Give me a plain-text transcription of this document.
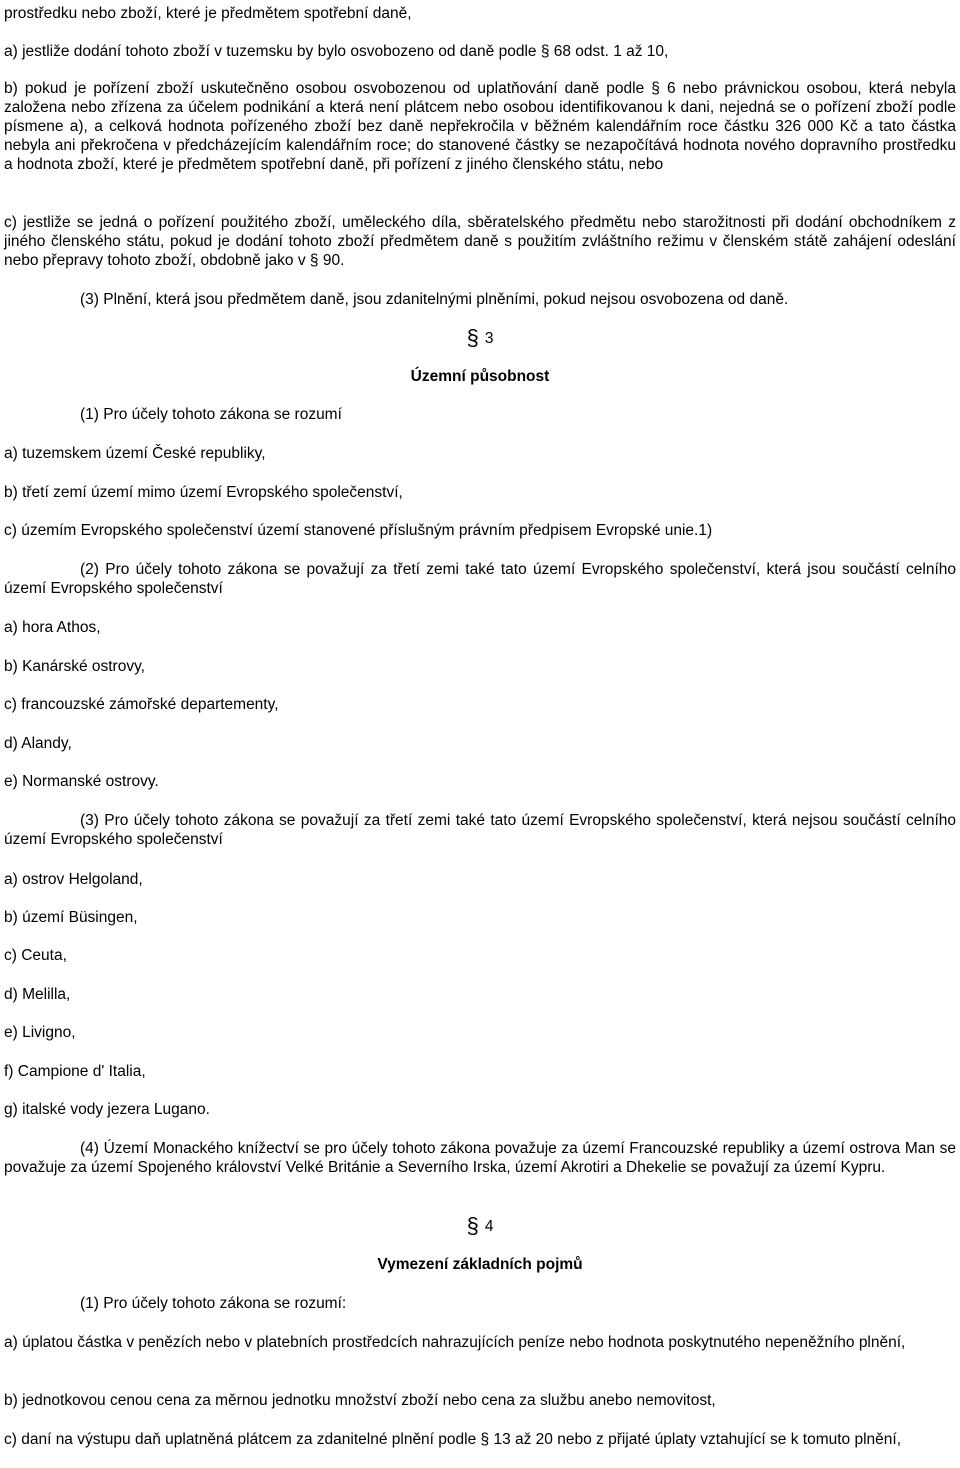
prostředku nebo zboží, které je předmětem spotřební daně,

a) jestliže dodání tohoto zboží v tuzemsku by bylo osvobozeno od daně podle § 68 odst. 1 až 10,

b) pokud je pořízení zboží uskutečněno osobou osvobozenou od uplatňování daně podle § 6 nebo právnickou osobou, která nebyla založena nebo zřízena za účelem podnikání a která není plátcem nebo osobou identifikovanou k dani, nejedná se o pořízení zboží podle písmene a), a celková hodnota pořízeného zboží bez daně nepřekročila v běžném kalendářním roce částku 326 000 Kč a tato částka nebyla ani překročena v předcházejícím kalendářním roce; do stanovené částky se nezapočítává hodnota nového dopravního prostředku a hodnota zboží, které je předmětem spotřební daně, při pořízení z jiného členského státu, nebo

c) jestliže se jedná o pořízení použitého zboží, uměleckého díla, sběratelského předmětu nebo starožitnosti při dodání obchodníkem z jiného členského státu, pokud je dodání tohoto zboží předmětem daně s použitím zvláštního režimu v členském státě zahájení odeslání nebo přepravy tohoto zboží, obdobně jako v § 90.

(3) Plnění, která jsou předmětem daně, jsou zdanitelnými plněními, pokud nejsou osvobozena od daně.

§ 3
Územní působnost

(1) Pro účely tohoto zákona se rozumí

a) tuzemskem území České republiky,

b) třetí zemí území mimo území Evropského společenství,

c) územím Evropského společenství území stanovené příslušným právním předpisem Evropské unie.1)

(2) Pro účely tohoto zákona se považují za třetí zemi také tato území Evropského společenství, která jsou součástí celního území Evropského společenství

a) hora Athos,

b) Kanárské ostrovy,

c) francouzské zámořské departementy,

d) Alandy,

e) Normanské ostrovy.

(3) Pro účely tohoto zákona se považují za třetí zemi také tato území Evropského společenství, která nejsou součástí celního území Evropského společenství

a) ostrov Helgoland,

b) území Büsingen,

c) Ceuta,

d) Melilla,

e) Livigno,

f) Campione d' Italia,

g) italské vody jezera Lugano.

(4) Území Monackého knížectví se pro účely tohoto zákona považuje za území Francouzské republiky a území ostrova Man se považuje za území Spojeného království Velké Británie a Severního Irska, území Akrotiri a Dhekelie se považují za území Kypru.

§ 4
Vymezení základních pojmů

(1) Pro účely tohoto zákona se rozumí:

a) úplatou částka v penězích nebo v platebních prostředcích nahrazujících peníze nebo hodnota poskytnutého nepeněžního plnění,

b) jednotkovou cenou cena za měrnou jednotku množství zboží nebo cena za službu anebo nemovitost,

c) daní na výstupu daň uplatněná plátcem za zdanitelné plnění podle § 13 až 20 nebo z přijaté úplaty vztahující se k tomuto plnění,
